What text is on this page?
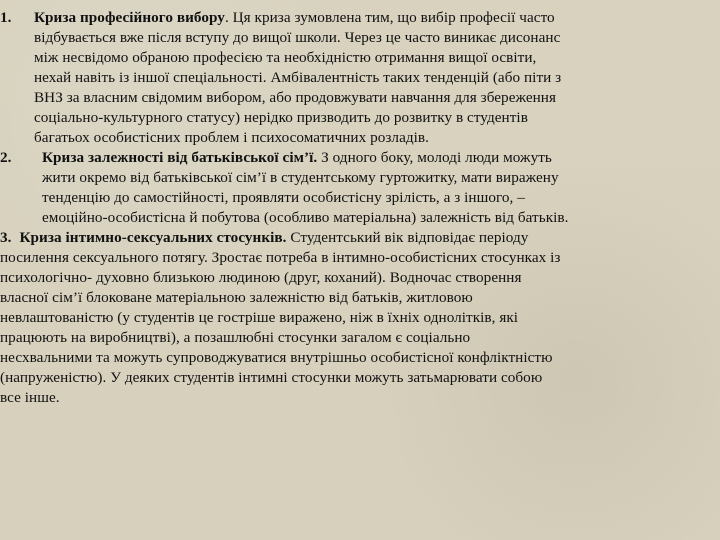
1.	Криза професійного вибору. Ця криза зумовлена тим, що вибір професії часто
відбувається вже після вступу до вищої школи. Через це часто виникає дисонанс
між несвідомо обраною професією та необхідністю отримання вищої освіти,
нехай навіть із іншої спеціальності. Амбівалентність таких тенденцій (або піти з
ВНЗ за власним свідомим вибором, або продовжувати навчання для збереження
соціально-культурного статусу) нерідко призводить до розвитку в студентів
багатьох особистісних проблем і психосоматичних розладів.
2.	Криза залежності від батьківської сім’ї. З одного боку, молоді люди можуть
жити окремо від батьківської сім’ї в студентському гуртожитку, мати виражену
тенденцію до самостійності, проявляти особистісну зрілість, а з іншого, –
емоційно-особистісна й побутова (особливо матеріальна) залежність від батьків.
3. Криза інтимно-сексуальних стосунків. Студентський вік відповідає періоду
посилення сексуального потягу. Зростає потреба в інтимно-особистісних стосунках із
психологічно- духовно близькою людиною (друг, коханий). Водночас створення
власної сім’ї блоковане матеріальною залежністю від батьків, житловою
невлаштованістю (у студентів це гостріше виражено, ніж в їхніх однолітків, які
працюють на виробництві), а позашлюбні стосунки загалом є соціально
несхвальними та можуть супроводжуватися внутрішньо особистісної конфліктністю
(напруженістю). У деяких студентів інтимні стосунки можуть затьмарювати собою
все інше.
